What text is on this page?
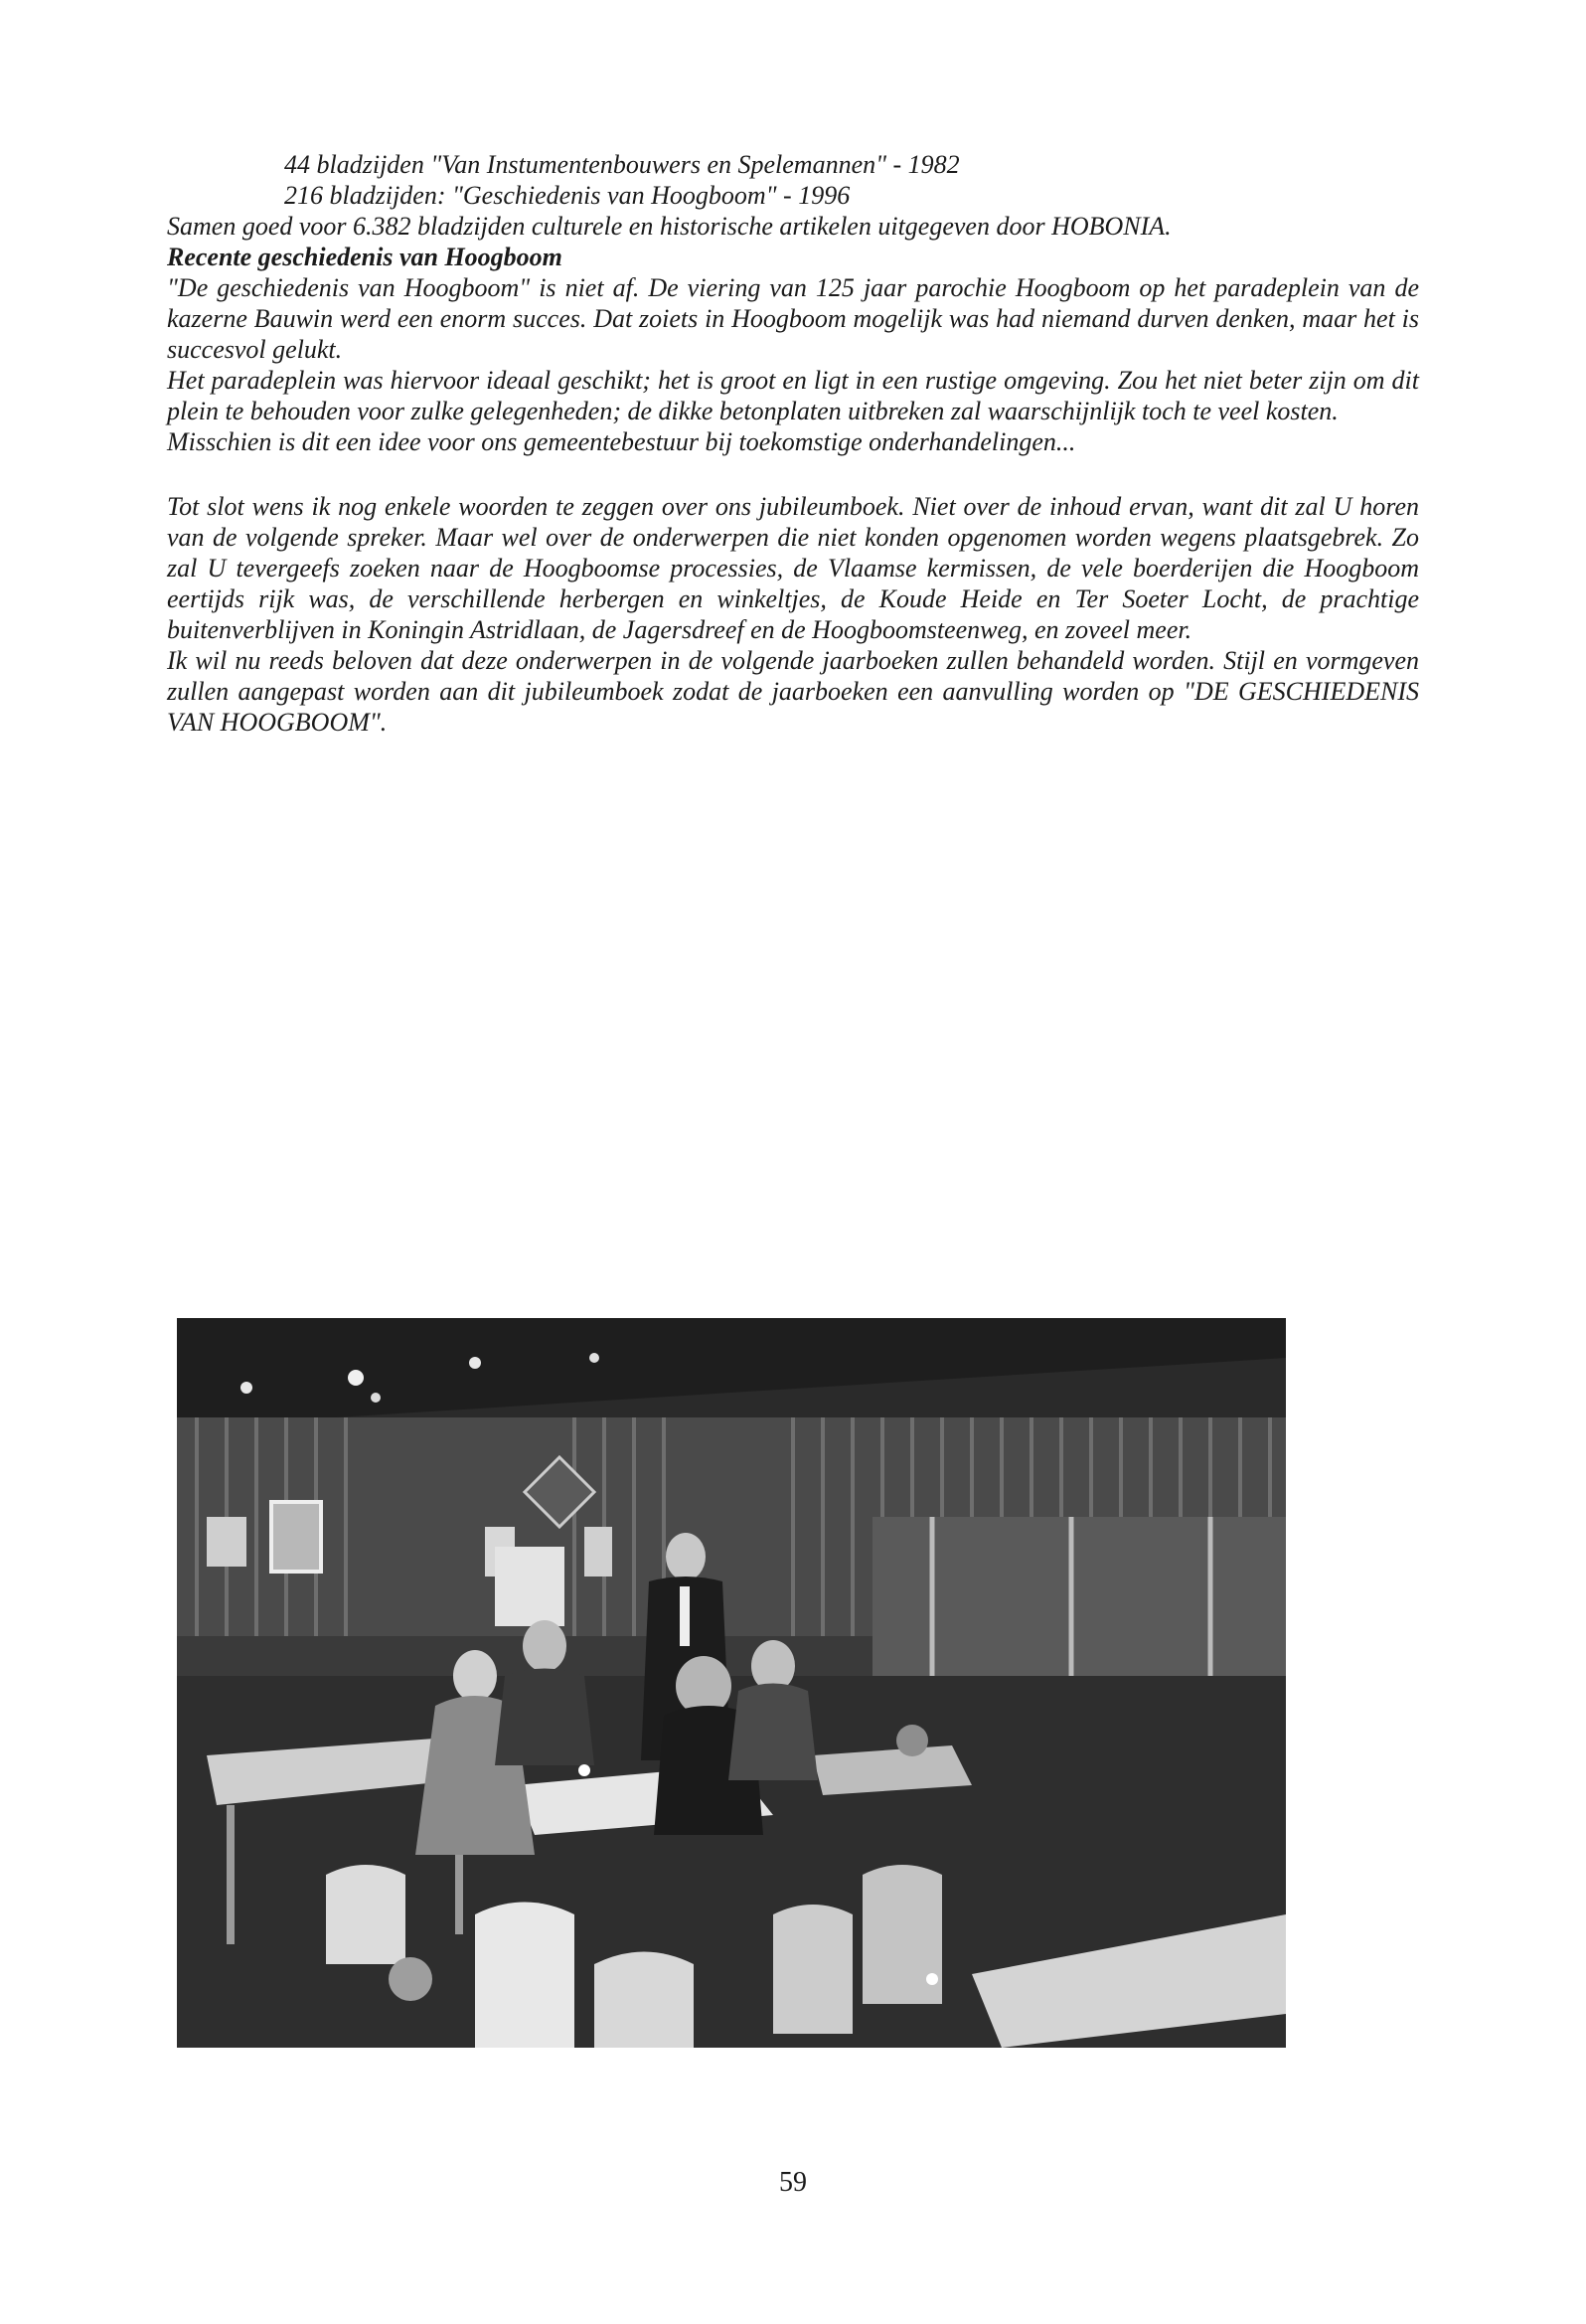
44 bladzijden "Van Instumentenbouwers en Spelemannen" - 1982
216 bladzijden: "Geschiedenis van Hoogboom" - 1996
Samen goed voor 6.382 bladzijden culturele en historische artikelen uitgegeven door HOBONIA.
Recente geschiedenis van Hoogboom
"De geschiedenis van Hoogboom" is niet af. De viering van 125 jaar parochie Hoogboom op het paradeplein van de kazerne Bauwin werd een enorm succes. Dat zoiets in Hoogboom mogelijk was had niemand durven denken, maar het is succesvol gelukt.
Het paradeplein was hiervoor ideaal geschikt; het is groot en ligt in een rustige omgeving. Zou het niet beter zijn om dit plein te behouden voor zulke gelegenheden; de dikke betonplaten uitbreken zal waarschijnlijk toch te veel kosten.
Misschien is dit een idee voor ons gemeentebestuur bij toekomstige onderhandelingen...
Tot slot wens ik nog enkele woorden te zeggen over ons jubileumboek. Niet over de inhoud ervan, want dit zal U horen van de volgende spreker. Maar wel over de onderwerpen die niet konden opgenomen worden wegens plaatsgebrek. Zo zal U tevergeefs zoeken naar de Hoogboomse processies, de Vlaamse kermissen, de vele boerderijen die Hoogboom eertijds rijk was, de verschillende herbergen en winkeltjes, de Koude Heide en Ter Soeter Locht, de prachtige buitenverblijven in Koningin Astridlaan, de Jagersdreef en de Hoogboomsteenweg, en zoveel meer.
Ik wil nu reeds beloven dat deze onderwerpen in de volgende jaarboeken zullen behandeld worden. Stijl en vormgeven zullen aangepast worden aan dit jubileumboek zodat de jaarboeken een aanvulling worden op "DE GESCHIEDENIS VAN HOOGBOOM".
59
